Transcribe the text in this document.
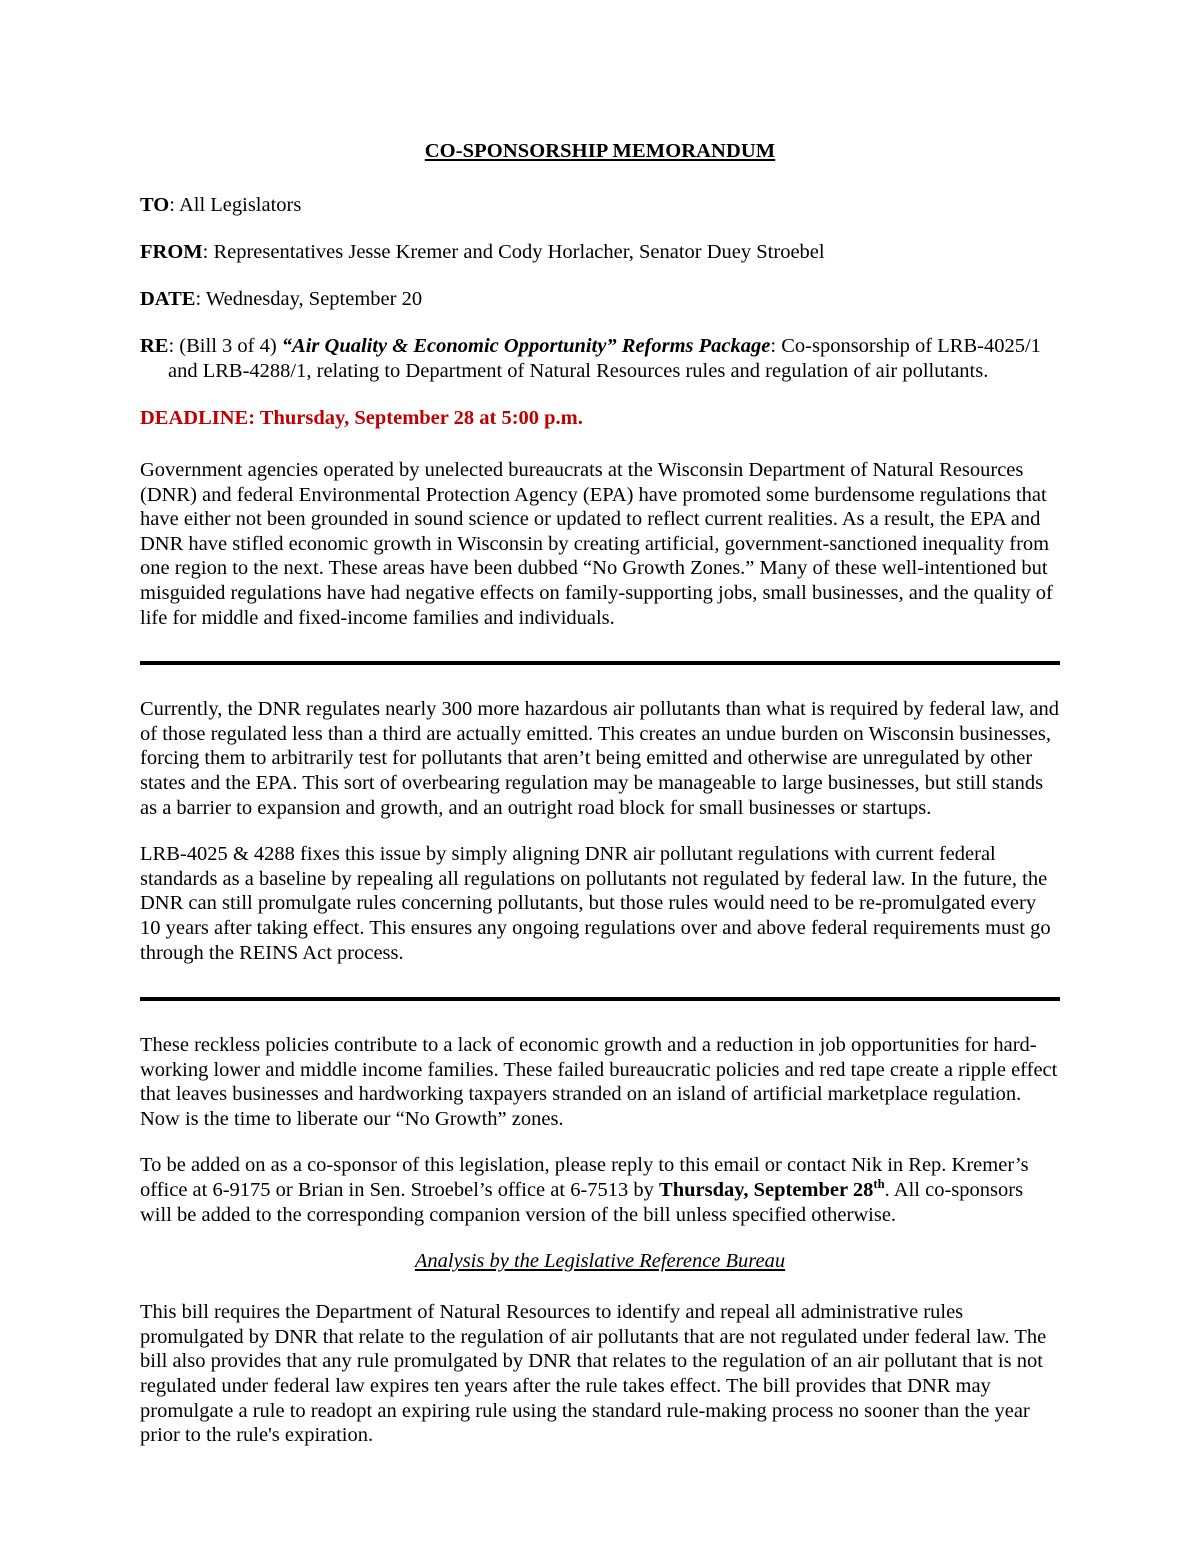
CO-SPONSORSHIP MEMORANDUM
TO: All Legislators
FROM: Representatives Jesse Kremer and Cody Horlacher, Senator Duey Stroebel
DATE: Wednesday, September 20
RE: (Bill 3 of 4) “Air Quality & Economic Opportunity” Reforms Package: Co-sponsorship of LRB-4025/1 and LRB-4288/1, relating to Department of Natural Resources rules and regulation of air pollutants.
DEADLINE: Thursday, September 28 at 5:00 p.m.

Government agencies operated by unelected bureaucrats at the Wisconsin Department of Natural Resources (DNR) and federal Environmental Protection Agency (EPA) have promoted some burdensome regulations that have either not been grounded in sound science or updated to reflect current realities. As a result, the EPA and DNR have stifled economic growth in Wisconsin by creating artificial, government-sanctioned inequality from one region to the next. These areas have been dubbed “No Growth Zones.” Many of these well-intentioned but misguided regulations have had negative effects on family-supporting jobs, small businesses, and the quality of life for middle and fixed-income families and individuals.

Currently, the DNR regulates nearly 300 more hazardous air pollutants than what is required by federal law, and of those regulated less than a third are actually emitted. This creates an undue burden on Wisconsin businesses, forcing them to arbitrarily test for pollutants that aren’t being emitted and otherwise are unregulated by other states and the EPA. This sort of overbearing regulation may be manageable to large businesses, but still stands as a barrier to expansion and growth, and an outright road block for small businesses or startups.

LRB-4025 & 4288 fixes this issue by simply aligning DNR air pollutant regulations with current federal standards as a baseline by repealing all regulations on pollutants not regulated by federal law. In the future, the DNR can still promulgate rules concerning pollutants, but those rules would need to be re-promulgated every 10 years after taking effect. This ensures any ongoing regulations over and above federal requirements must go through the REINS Act process.

These reckless policies contribute to a lack of economic growth and a reduction in job opportunities for hard-working lower and middle income families. These failed bureaucratic policies and red tape create a ripple effect that leaves businesses and hardworking taxpayers stranded on an island of artificial marketplace regulation. Now is the time to liberate our “No Growth” zones.

To be added on as a co-sponsor of this legislation, please reply to this email or contact Nik in Rep. Kremer’s office at 6-9175 or Brian in Sen. Stroebel’s office at 6-7513 by Thursday, September 28th. All co-sponsors will be added to the corresponding companion version of the bill unless specified otherwise.

Analysis by the Legislative Reference Bureau

This bill requires the Department of Natural Resources to identify and repeal all administrative rules promulgated by DNR that relate to the regulation of air pollutants that are not regulated under federal law. The bill also provides that any rule promulgated by DNR that relates to the regulation of an air pollutant that is not regulated under federal law expires ten years after the rule takes effect. The bill provides that DNR may promulgate a rule to readopt an expiring rule using the standard rule-making process no sooner than the year prior to the rule's expiration.
